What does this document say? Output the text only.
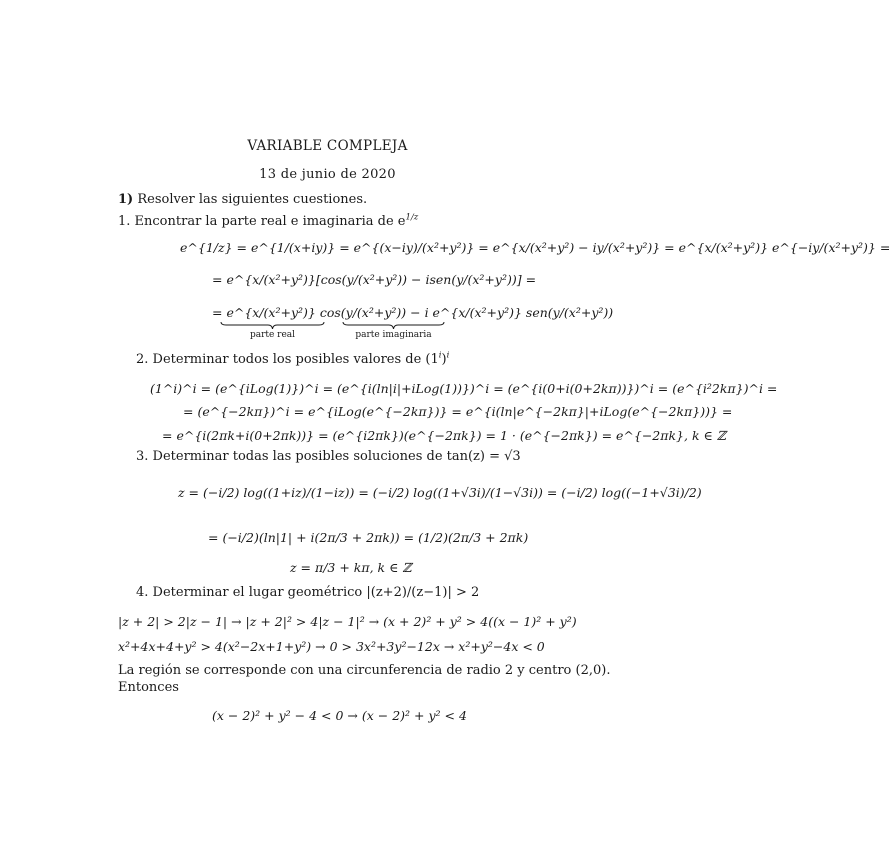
VARIABLE COMPLEJA
13 de junio de 2020
1) Resolver las siguientes cuestiones.
1. Encontrar la parte real e imaginaria de $e^{1/z}$
e^{1/z} = e^{1/(x+iy)} = e^{(x−iy)/(x²+y²)} = e^{x/(x²+y²) − iy/(x²+y²)} = e^{x/(x²+y²)} e^{−iy/(x²+y²)} =
= e^{x/(x²+y²)}[cos(y/(x²+y²)) − isen(y/(x²+y²))] =
= e^{x/(x²+y²)} cos(y/(x²+y²)) − i e^{x/(x²+y²)} sen(y/(x²+y²))
parte real	parte imaginaria
2. Determinar todos los posibles valores de $(1^i)^i$
(1^i)^i = (e^{iLog(1)})^i = (e^{i(ln|i|+iLog(1))})^i = (e^{i(0+i(0+2kπ))})^i = (e^{i²2kπ})^i =
= (e^{−2kπ})^i = e^{iLog(e^{−2kπ})} = e^{i(ln|e^{−2kπ}|+iLog(e^{−2kπ}))} =
= e^{i(2πk+i(0+2πk))} = (e^{i2πk})(e^{−2πk}) = 1 · (e^{−2πk}) = e^{−2πk}, k ∈ ℤ
3. Determinar todas las posibles soluciones de tan(z) = √3
z = (−i/2) log((1+iz)/(1−iz)) = (−i/2) log((1+√3i)/(1−√3i)) = (−i/2) log((−1+√3i)/2)
= (−i/2)(ln|1| + i(2π/3 + 2πk)) = (1/2)(2π/3 + 2πk)
z = π/3 + kπ, k ∈ ℤ
4. Determinar el lugar geométrico |(z+2)/(z−1)| > 2
|z + 2| > 2|z − 1| → |z + 2|² > 4|z − 1|² → (x + 2)² + y² > 4((x − 1)² + y²)
x²+4x+4+y² > 4(x²−2x+1+y²) → 0 > 3x²+3y²−12x → x²+y²−4x < 0
La región se corresponde con una circunferencia de radio 2 y centro (2,0).
Entonces
(x − 2)² + y² − 4 < 0 → (x − 2)² + y² < 4
